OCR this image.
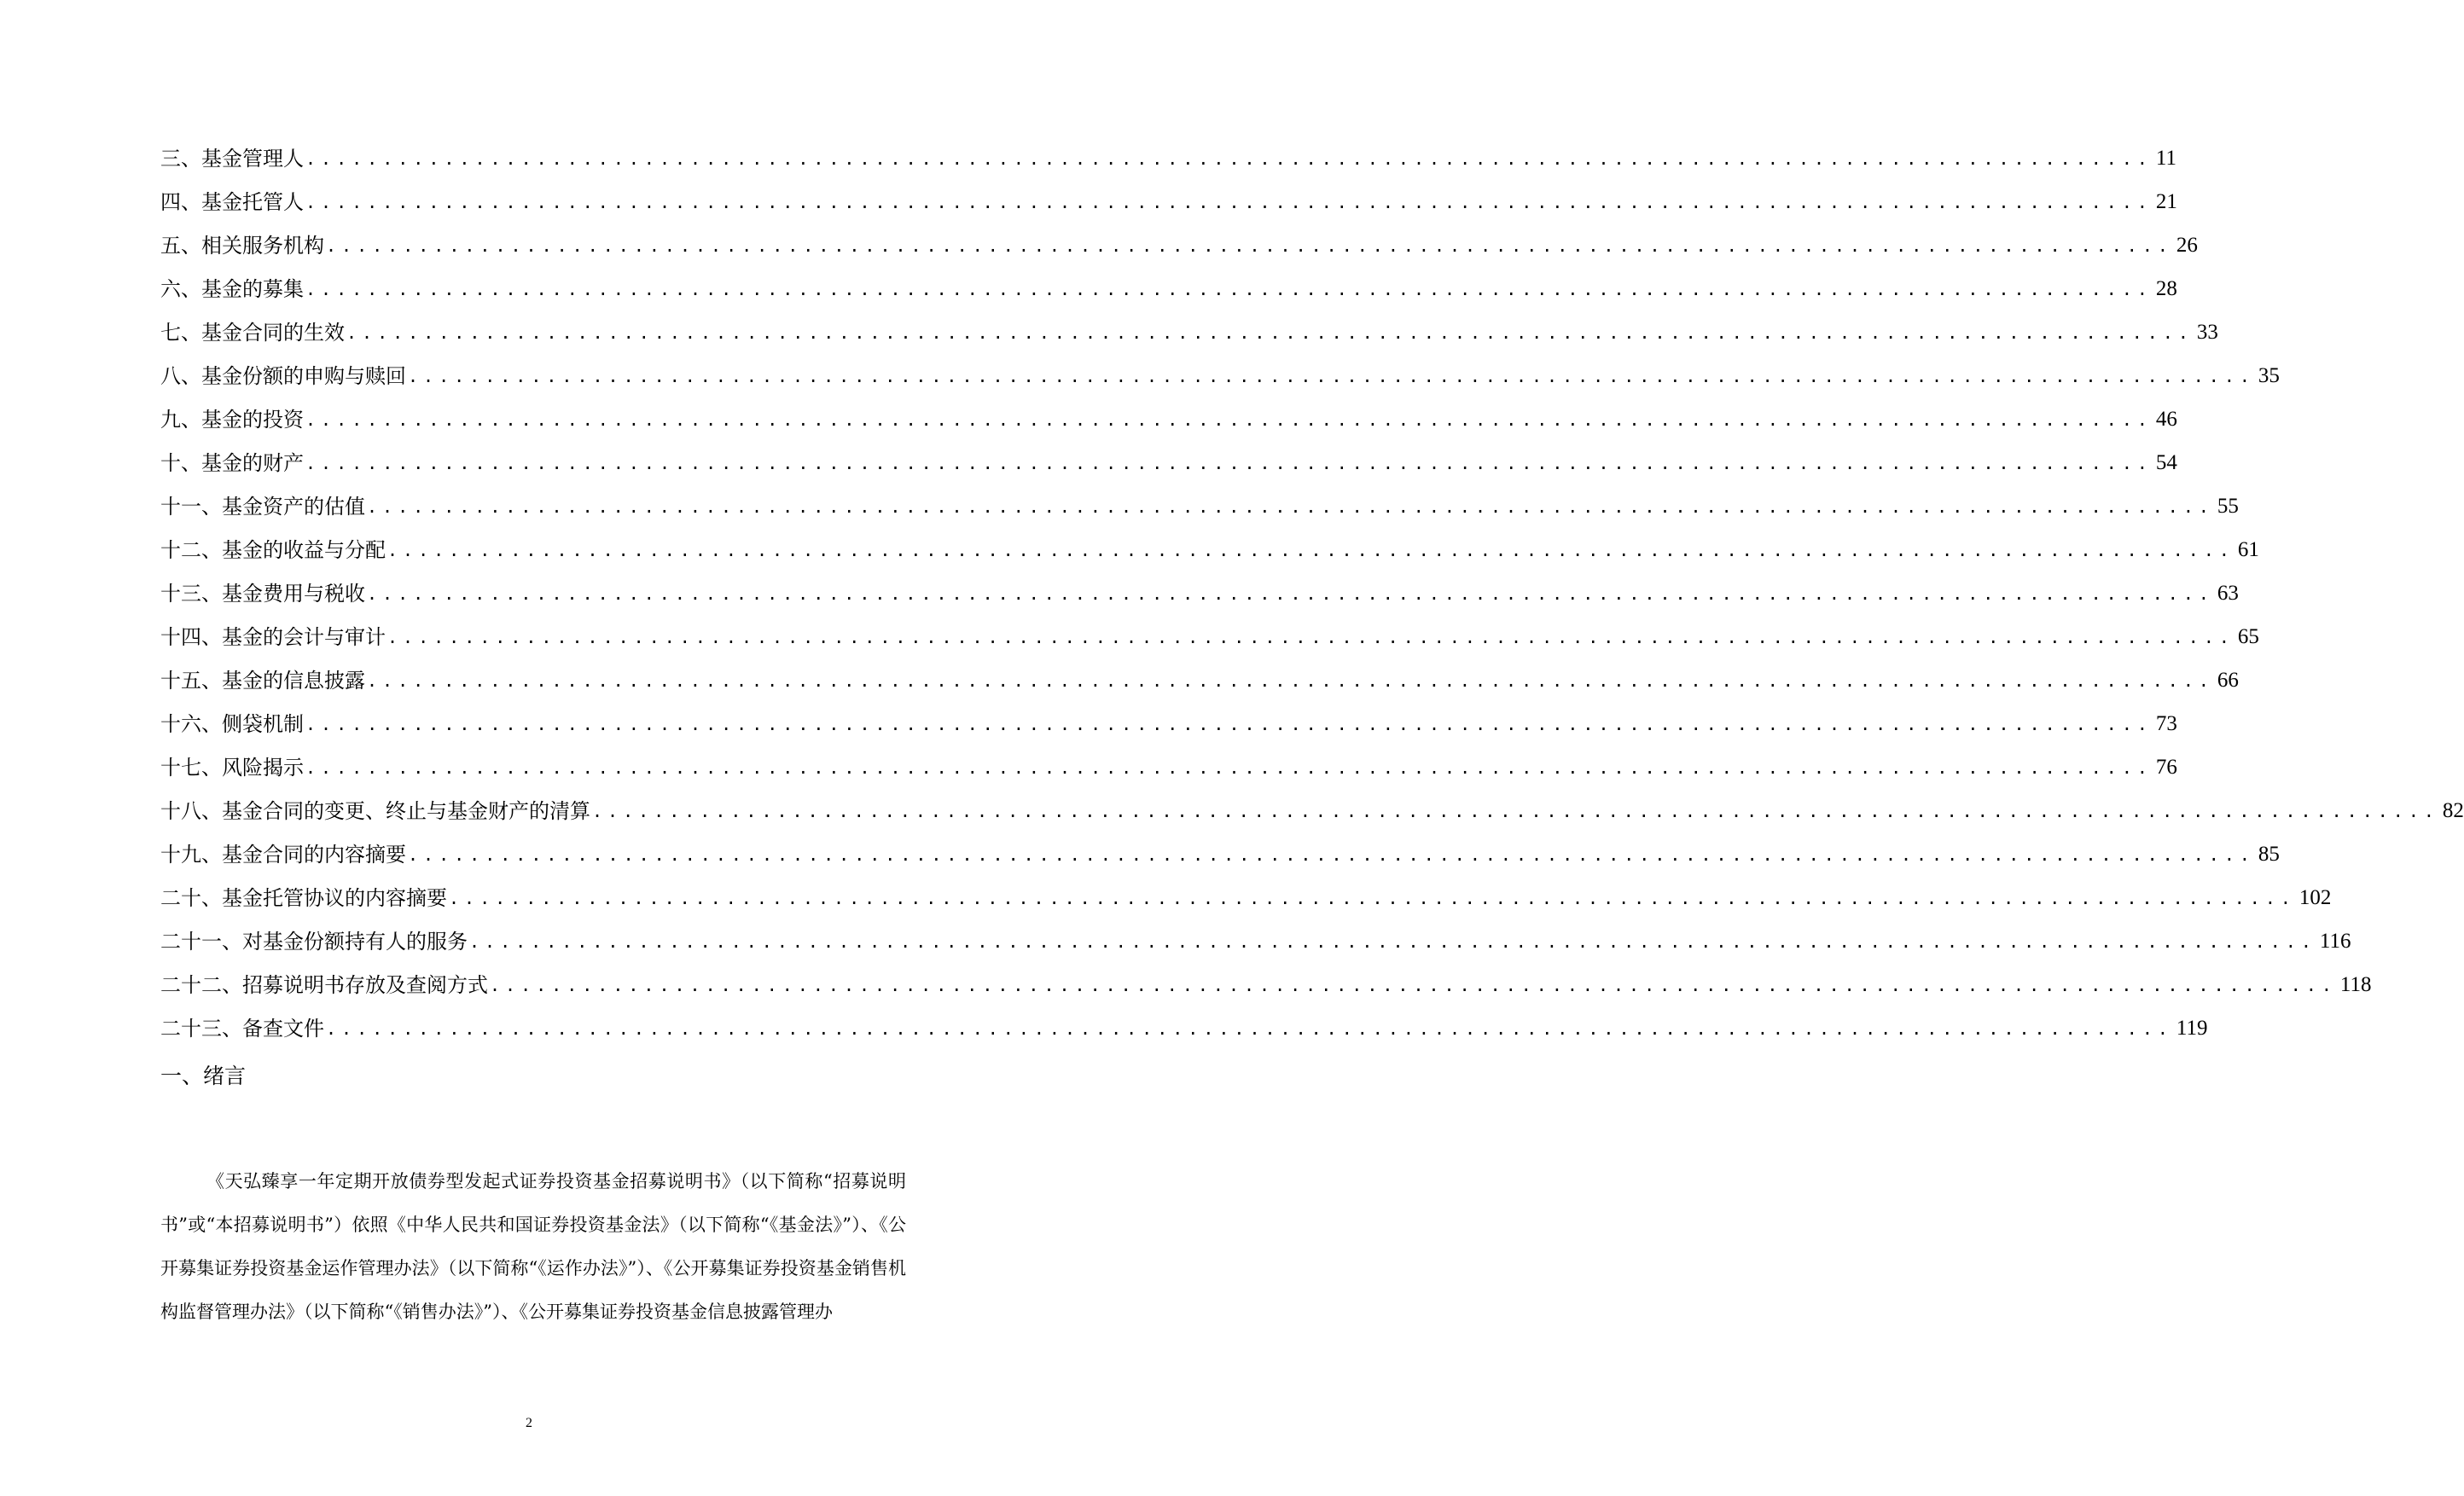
三、基金管理人 ........................................................................................................................ 11
四、基金托管人 ........................................................................................................................ 21
五、相关服务机构 ........................................................................................................................ 26
六、基金的募集 ........................................................................................................................ 28
七、基金合同的生效 ........................................................................................................................ 33
八、基金份额的申购与赎回 ........................................................................................................................ 35
九、基金的投资 ........................................................................................................................ 46
十、基金的财产 ........................................................................................................................ 54
十一、基金资产的估值 ........................................................................................................................ 55
十二、基金的收益与分配 ........................................................................................................................ 61
十三、基金费用与税收 ........................................................................................................................ 63
十四、基金的会计与审计 ........................................................................................................................ 65
十五、基金的信息披露 ........................................................................................................................ 66
十六、侧袋机制 ........................................................................................................................ 73
十七、风险揭示 ........................................................................................................................ 76
十八、基金合同的变更、终止与基金财产的清算 ........................................................................................................................ 82
十九、基金合同的内容摘要 ........................................................................................................................ 85
二十、基金托管协议的内容摘要 ........................................................................................................................ 102
二十一、对基金份额持有人的服务 ........................................................................................................................ 116
二十二、招募说明书存放及查阅方式 ........................................................................................................................ 118
二十三、备查文件 ........................................................................................................................ 119
一、绪言
《天弘臻享一年定期开放债券型发起式证券投资基金招募说明书》（以下简称“招募说明书”或“本招募说明书”）依照《中华人民共和国证券投资基金法》（以下简称“《基金法》”）、《公开募集证券投资基金运作管理办法》（以下简称“《运作办法》”）、《公开募集证券投资基金销售机构监督管理办法》（以下简称“《销售办法》”）、《公开募集证券投资基金信息披露管理办
2
